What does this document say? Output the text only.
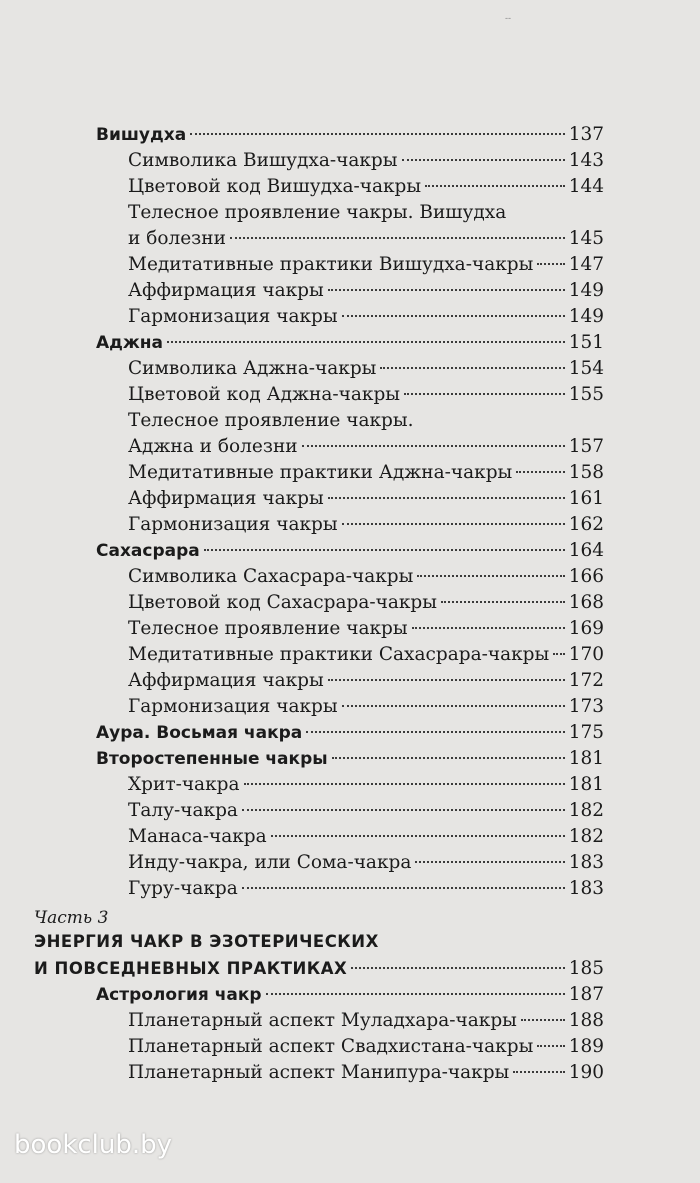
--
Вишудха	137
Символика Вишудха-чакры	143
Цветовой код Вишудха-чакры	144
Телесное проявление чакры. Вишудха
и болезни	145
Медитативные практики Вишудха-чакры 147
Аффирмация чакры	149
Гармонизация чакры	149
Аджна	151
Символика Аджна-чакры	154
Цветовой код Аджна-чакры	155
Телесное проявление чакры.
Аджна и болезни	157
Медитативные практики Аджна-чакры	158
Аффирмация чакры	161
Гармонизация чакры	162
Сахасрара	164
Символика Сахасрара-чакры	166
Цветовой код Сахасрара-чакры	168
Телесное проявление чакры	169
Медитативные практики Сахасрара-чакры 170
Аффирмация чакры	172
Гармонизация чакры	173
Аура. Восьмая чакра	175
Второстепенные чакры	181
Хрит-чакра	181
Талу-чакра	182
Манаса-чакра	182
Инду-чакра, или Сома-чакра	183
Гуру-чакра	183
Часть 3
ЭНЕРГИЯ ЧАКР В ЭЗОТЕРИЧЕСКИХ
И ПОВСЕДНЕВНЫХ ПРАКТИКАХ	185
Астрология чакр	187
Планетарный аспект Муладхара-чакры	188
Планетарный аспект Свадхистана-чакры 189
Планетарный аспект Манипура-чакры	190
bookclub.by
